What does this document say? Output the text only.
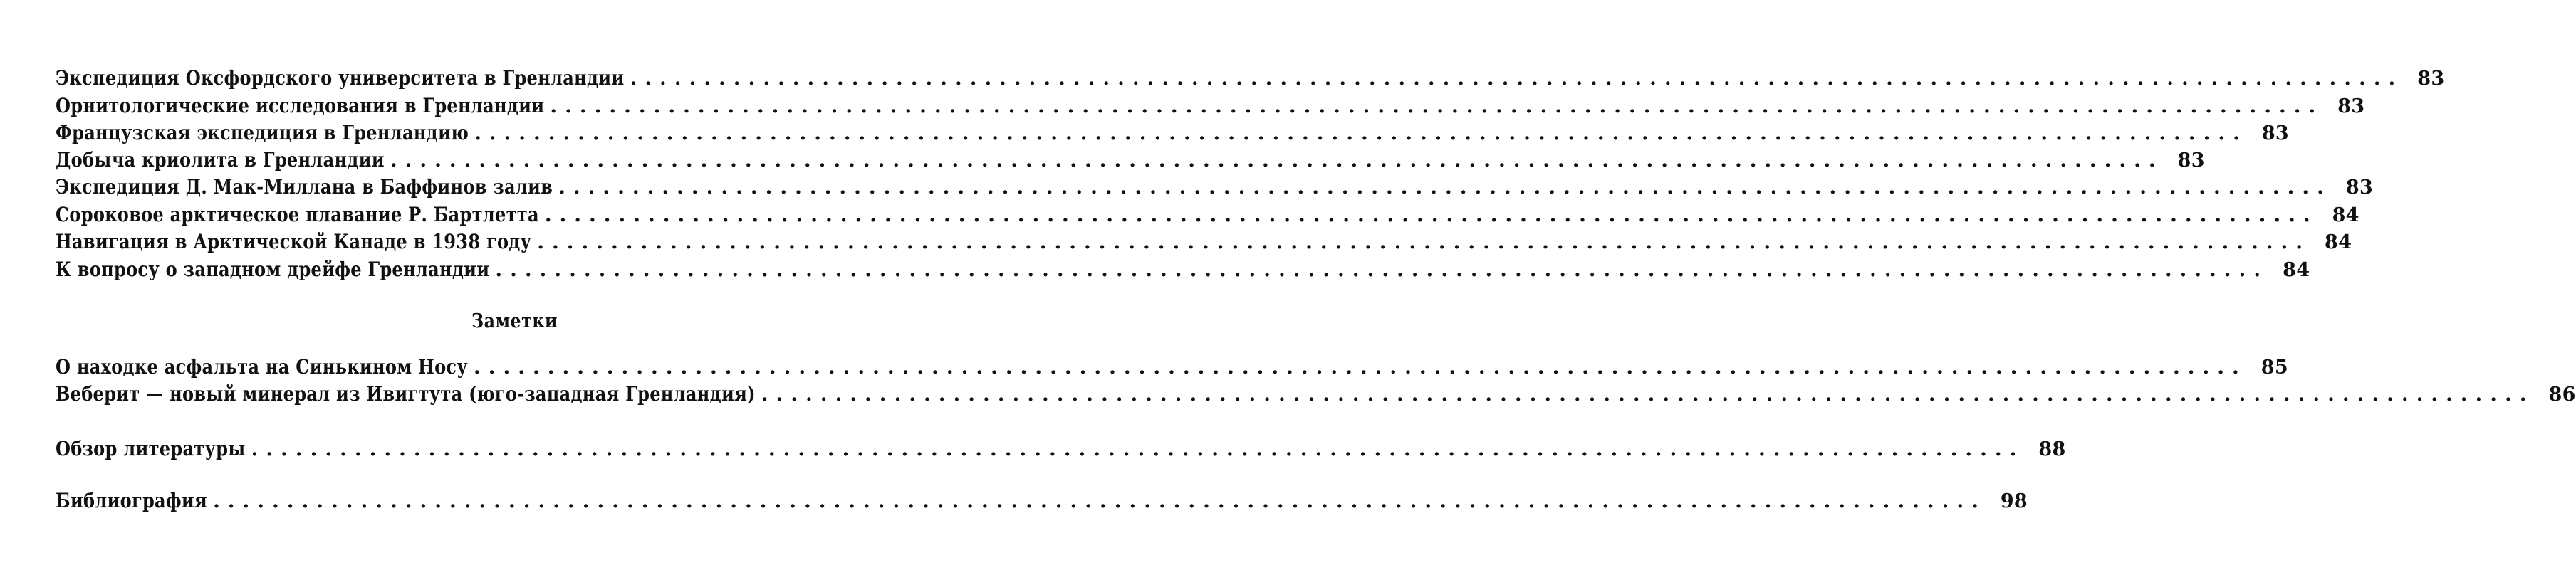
Экспедиция Оксфордского университета в Гренландии ........................................................................................................................ 83
Орнитологические исследования в Гренландии ........................................................................................................................ 83
Французская экспедиция в Гренландию ........................................................................................................................ 83
Добыча криолита в Гренландии ........................................................................................................................ 83
Экспедиция Д. Мак-Миллана в Баффинов залив ........................................................................................................................ 83
Сороковое арктическое плавание Р. Бартлетта ........................................................................................................................ 84
Навигация в Арктической Канаде в 1938 году ........................................................................................................................ 84
К вопросу о западном дрейфе Гренландии ........................................................................................................................ 84
Заметки
О находке асфальта на Синькином Носу ........................................................................................................................ 85
Веберит — новый минерал из Ивигтута (юго-западная Гренландия) ........................................................................................................................ 86
Обзор литературы ........................................................................................................................ 88
Библиография ........................................................................................................................ 98
